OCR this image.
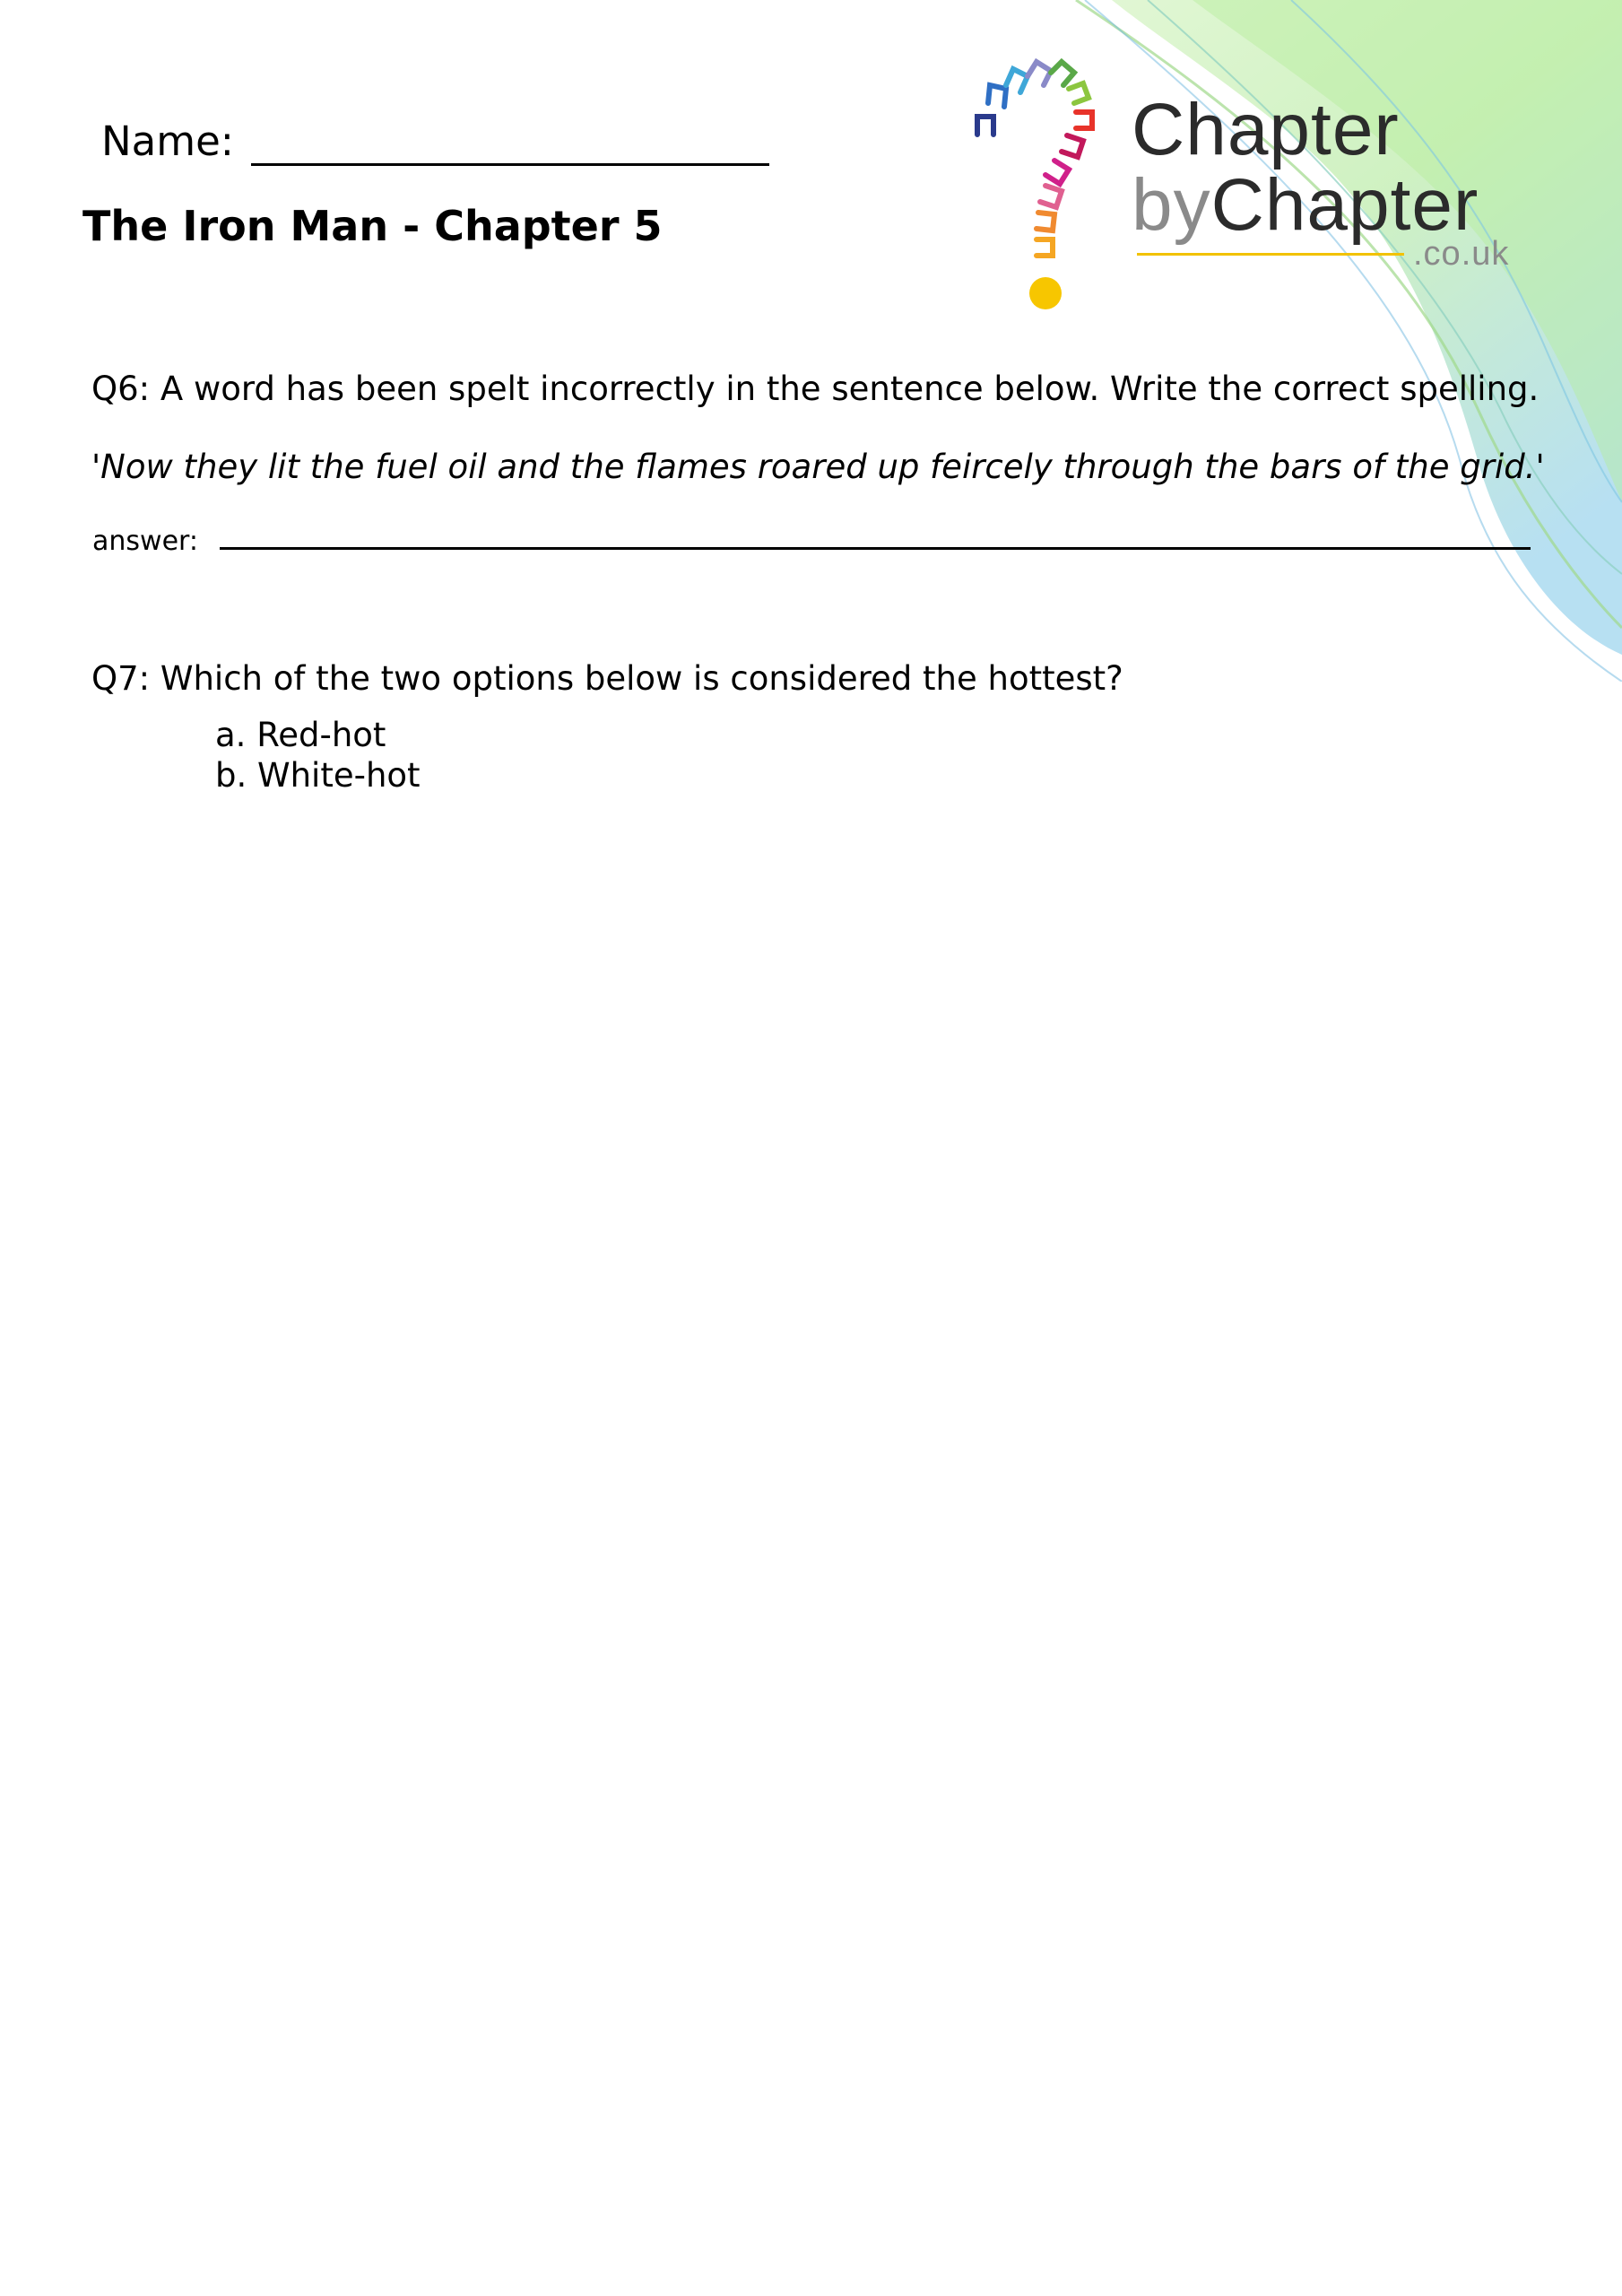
Name:
The Iron Man - Chapter 5
Chapter
byChapter
.co.uk
Q6: A word has been spelt incorrectly in the sentence below. Write the correct spelling.
'Now they lit the fuel oil and the flames roared up feircely through the bars of the grid.'
answer:
Q7: Which of the two options below is considered the hottest?
a. Red-hot
b. White-hot
